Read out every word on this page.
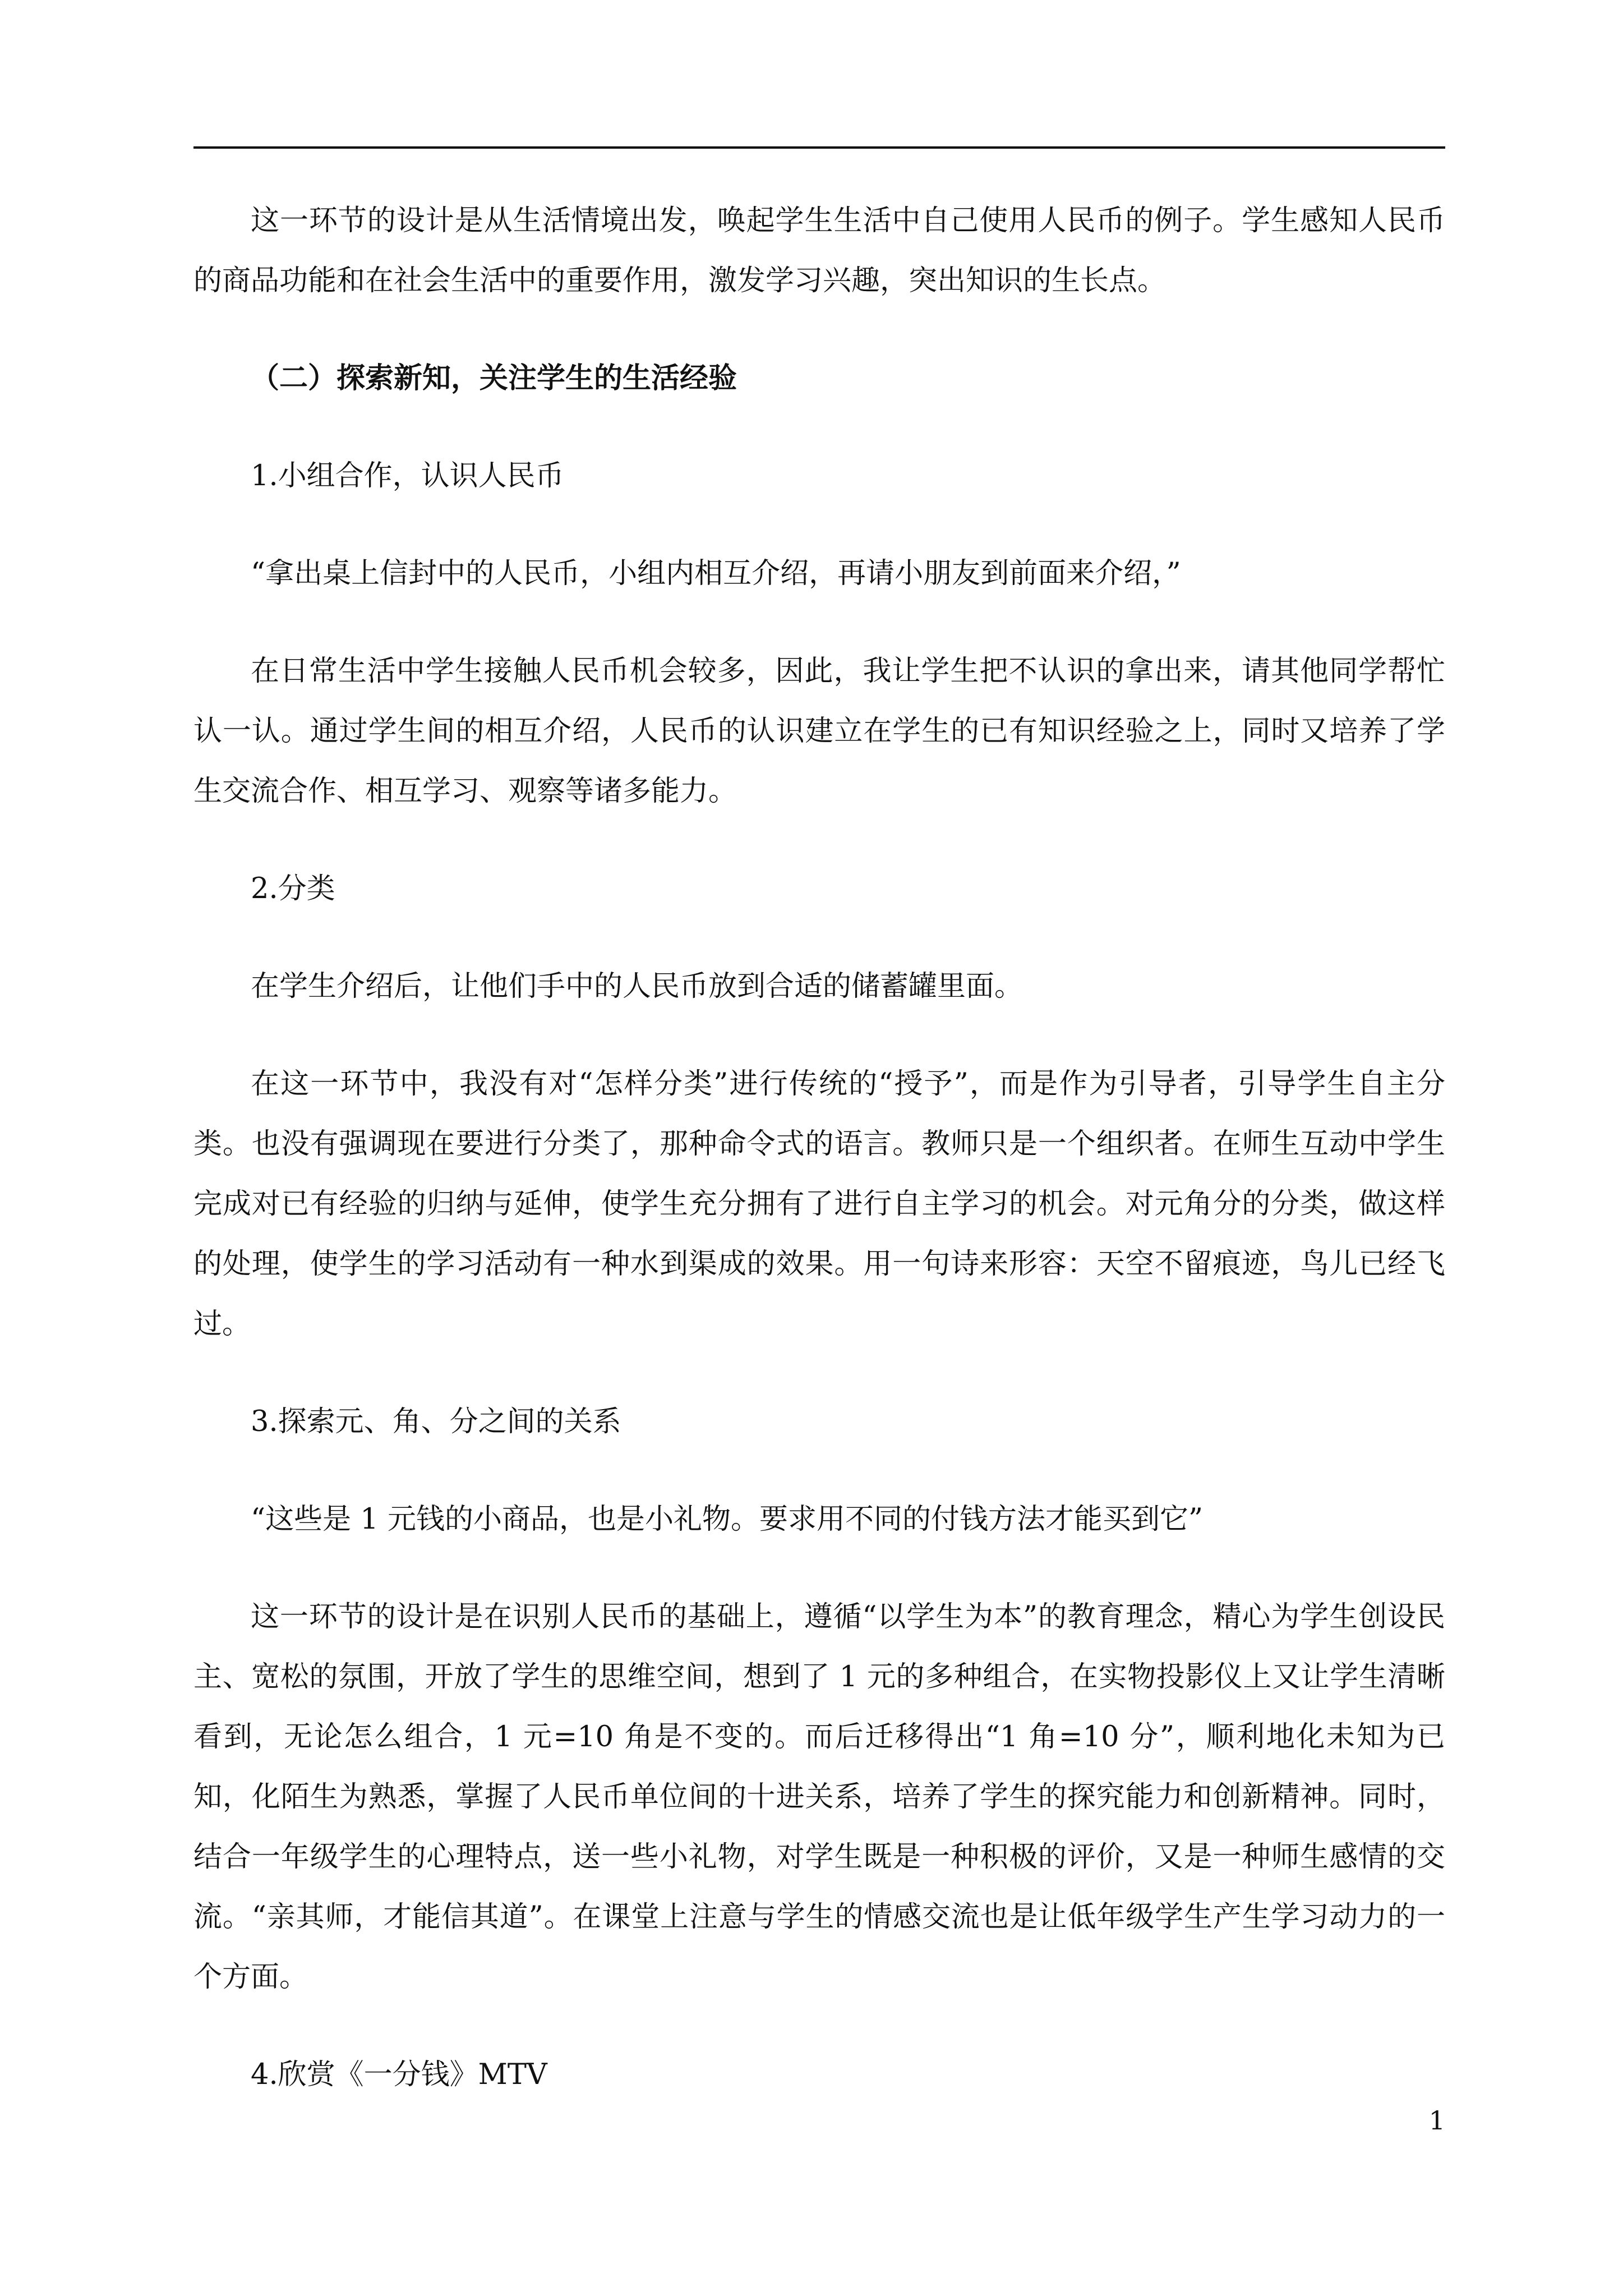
这一环节的设计是从生活情境出发，唤起学生生活中自己使用人民币的例子。学生感知人民币的商品功能和在社会生活中的重要作用，激发学习兴趣，突出知识的生长点。

（二）探索新知，关注学生的生活经验

1.小组合作，认识人民币

“拿出桌上信封中的人民币，小组内相互介绍，再请小朋友到前面来介绍，”

在日常生活中学生接触人民币机会较多，因此，我让学生把不认识的拿出来，请其他同学帮忙认一认。通过学生间的相互介绍，人民币的认识建立在学生的已有知识经验之上，同时又培养了学生交流合作、相互学习、观察等诸多能力。

2.分类

在学生介绍后，让他们手中的人民币放到合适的储蓄罐里面。

在这一环节中，我没有对“怎样分类”进行传统的“授予”，而是作为引导者，引导学生自主分类。也没有强调现在要进行分类了，那种命令式的语言。教师只是一个组织者。在师生互动中学生完成对已有经验的归纳与延伸，使学生充分拥有了进行自主学习的机会。对元角分的分类，做这样的处理，使学生的学习活动有一种水到渠成的效果。用一句诗来形容：天空不留痕迹，鸟儿已经飞过。

3.探索元、角、分之间的关系

“这些是 1 元钱的小商品，也是小礼物。要求用不同的付钱方法才能买到它”

这一环节的设计是在识别人民币的基础上，遵循“以学生为本”的教育理念，精心为学生创设民主、宽松的氛围，开放了学生的思维空间，想到了 1 元的多种组合，在实物投影仪上又让学生清晰看到，无论怎么组合，1 元=10 角是不变的。而后迁移得出“1 角=10 分”，顺利地化未知为已知，化陌生为熟悉，掌握了人民币单位间的十进关系，培养了学生的探究能力和创新精神。同时，结合一年级学生的心理特点，送一些小礼物，对学生既是一种积极的评价，又是一种师生感情的交流。“亲其师，才能信其道”。在课堂上注意与学生的情感交流也是让低年级学生产生学习动力的一个方面。

4.欣赏《一分钱》MTV

1
